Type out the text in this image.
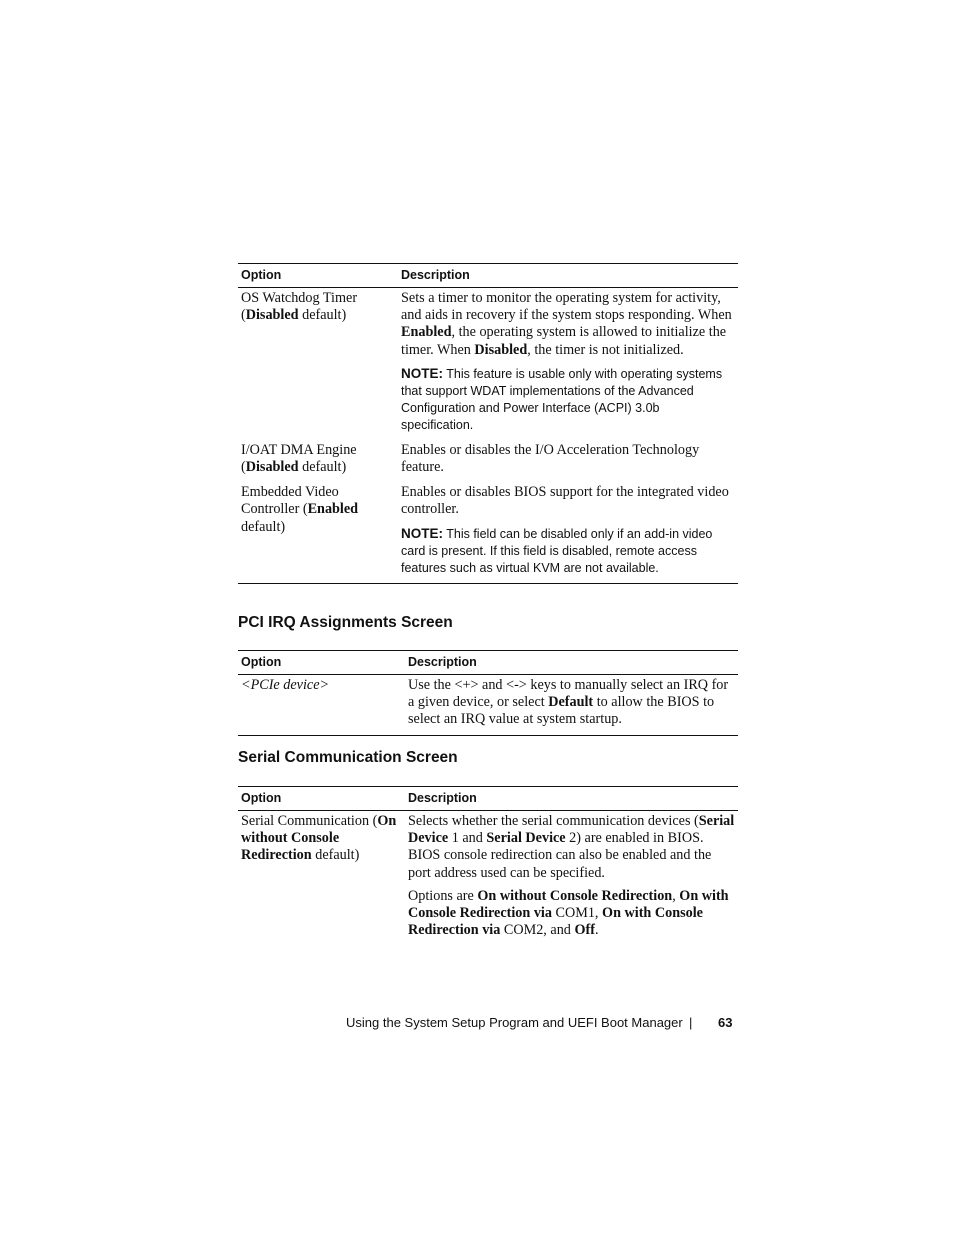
Option	Description
OS Watchdog Timer (Disabled default)	Sets a timer to monitor the operating system for activity, and aids in recovery if the system stops responding. When Enabled, the operating system is allowed to initialize the timer. When Disabled, the timer is not initialized.
NOTE: This feature is usable only with operating systems that support WDAT implementations of the Advanced Configuration and Power Interface (ACPI) 3.0b specification.

I/OAT DMA Engine (Disabled default)	Enables or disables the I/O Acceleration Technology feature.
Embedded Video Controller (Enabled default)	Enables or disables BIOS support for the integrated video controller.
NOTE: This field can be disabled only if an add-in video card is present. If this field is disabled, remote access features such as virtual KVM are not available.
PCI IRQ Assignments Screen
Option	Description
<PCIe device>	Use the <+> and <-> keys to manually select an IRQ for a given device, or select Default to allow the BIOS to select an IRQ value at system startup.
Serial Communication Screen
Option	Description
Serial Communication (On without Console Redirection default)	Selects whether the serial communication devices (Serial Device 1 and Serial Device 2) are enabled in BIOS. BIOS console redirection can also be enabled and the port address used can be specified.
Options are On without Console Redirection, On with Console Redirection via COM1, On with Console Redirection via COM2, and Off.
Using the System Setup Program and UEFI Boot Manager | 63
